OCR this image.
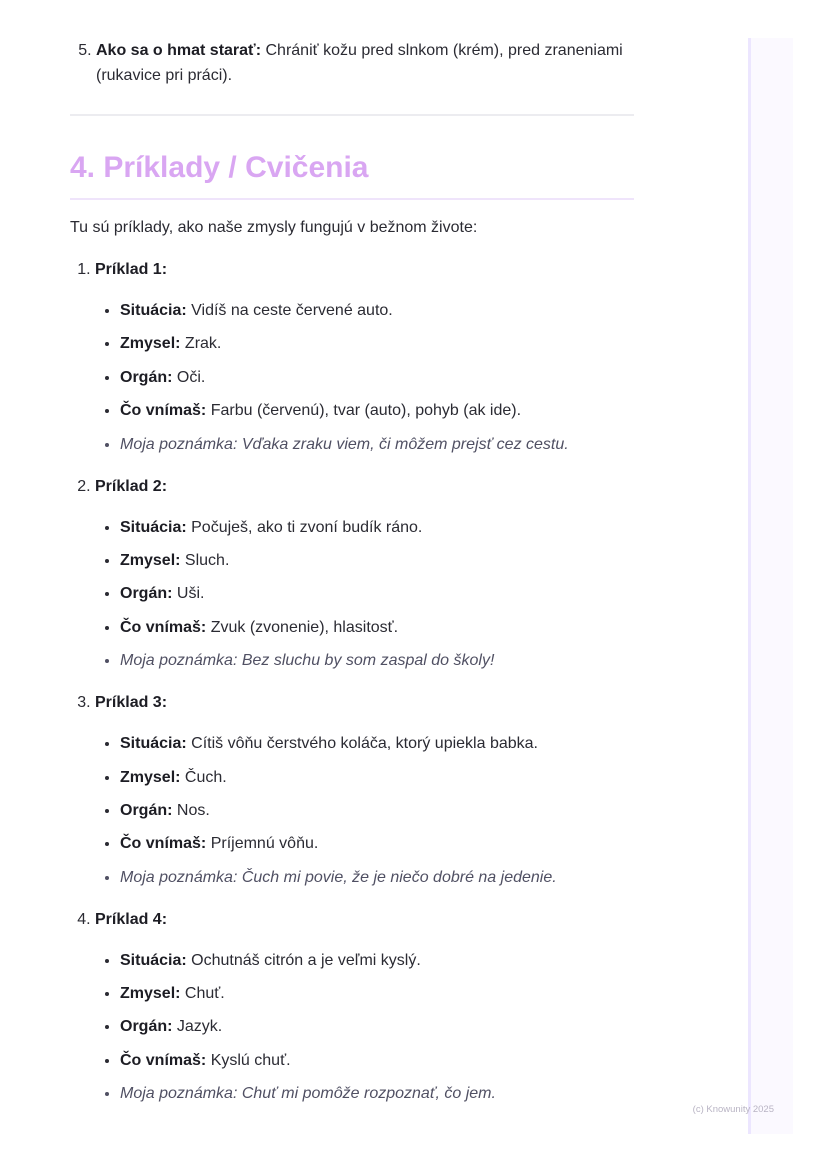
5. Ako sa o hmat starať: Chrániť kožu pred slnkom (krém), pred zraneniami (rukavice pri práci).
4. Príklady / Cvičenia

Tu sú príklady, ako naše zmysly fungujú v bežnom živote:

1. Príklad 1:
• Situácia: Vidíš na ceste červené auto.
• Zmysel: Zrak.
• Orgán: Oči.
• Čo vnímaš: Farbu (červenú), tvar (auto), pohyb (ak ide).
• Moja poznámka: Vďaka zraku viem, či môžem prejsť cez cestu.
2. Príklad 2:
• Situácia: Počuješ, ako ti zvoní budík ráno.
• Zmysel: Sluch.
• Orgán: Uši.
• Čo vnímaš: Zvuk (zvonenie), hlasitosť.
• Moja poznámka: Bez sluchu by som zaspal do školy!
3. Príklad 3:
• Situácia: Cítiš vôňu čerstvého koláča, ktorý upiekla babka.
• Zmysel: Čuch.
• Orgán: Nos.
• Čo vnímaš: Príjemnú vôňu.
• Moja poznámka: Čuch mi povie, že je niečo dobré na jedenie.
4. Príklad 4:
• Situácia: Ochutnáš citrón a je veľmi kyslý.
• Zmysel: Chuť.
• Orgán: Jazyk.
• Čo vnímaš: Kyslú chuť.
• Moja poznámka: Chuť mi pomôže rozpoznať, čo jem.
(c) Knowunity 2025
